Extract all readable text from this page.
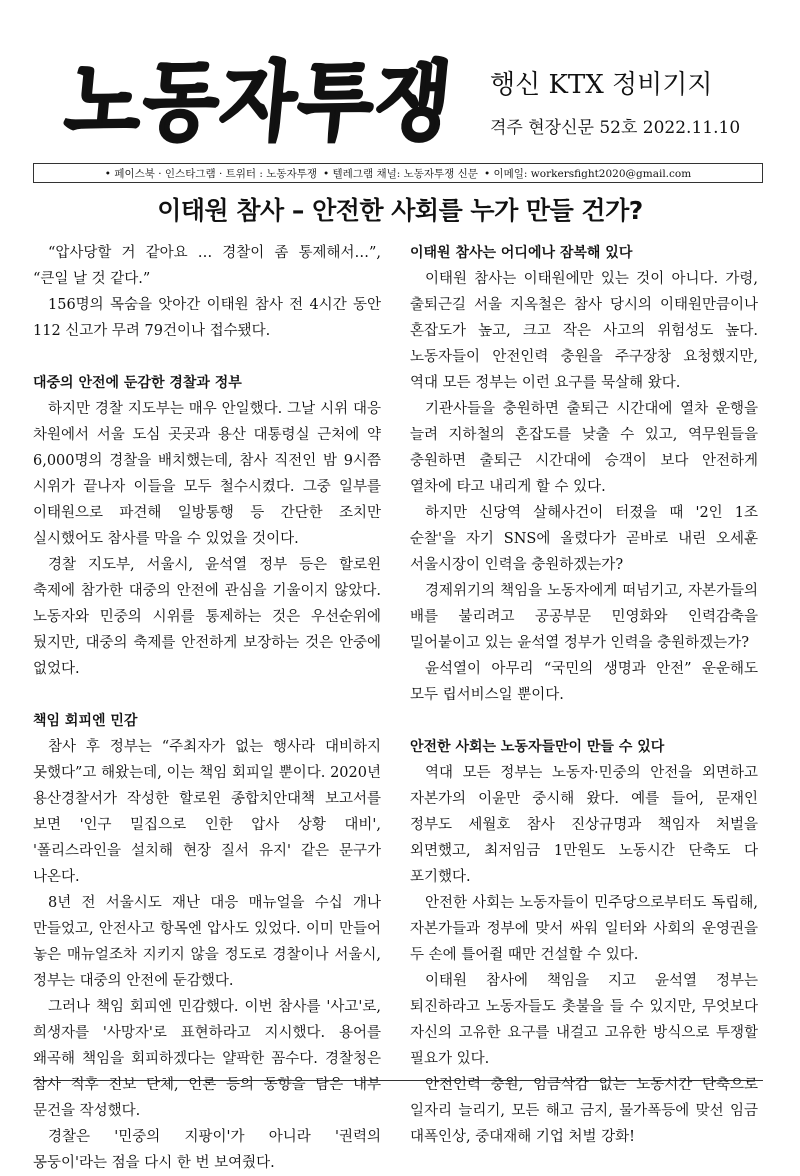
노동자투쟁 행신 KTX 정비기지
격주 현장신문 52호 2022.11.10
• 페이스북 · 인스타그램 · 트위터 : 노동자투쟁 • 텔레그램 채널: 노동자투쟁 신문 • 이메일: workersfight2020@gmail.com
이태원 참사 – 안전한 사회를 누가 만들 건가?

“압사당할 거 같아요 … 경찰이 좀 통제해서…”, “큰일 날 것 같다.”

156명의 목숨을 앗아간 이태원 참사 전 4시간 동안 112 신고가 무려 79건이나 접수됐다.

대중의 안전에 둔감한 경찰과 정부

하지만 경찰 지도부는 매우 안일했다. 그날 시위 대응 차원에서 서울 도심 곳곳과 용산 대통령실 근처에 약 6,000명의 경찰을 배치했는데, 참사 직전인 밤 9시쯤 시위가 끝나자 이들을 모두 철수시켰다. 그중 일부를 이태원으로 파견해 일방통행 등 간단한 조치만 실시했어도 참사를 막을 수 있었을 것이다.

경찰 지도부, 서울시, 윤석열 정부 등은 할로윈 축제에 참가한 대중의 안전에 관심을 기울이지 않았다. 노동자와 민중의 시위를 통제하는 것은 우선순위에 뒀지만, 대중의 축제를 안전하게 보장하는 것은 안중에 없었다.

책임 회피엔 민감

참사 후 정부는 “주최자가 없는 행사라 대비하지 못했다”고 해왔는데, 이는 책임 회피일 뿐이다. 2020년 용산경찰서가 작성한 할로윈 종합치안대책 보고서를 보면 '인구 밀집으로 인한 압사 상황 대비', '폴리스라인을 설치해 현장 질서 유지' 같은 문구가 나온다.

8년 전 서울시도 재난 대응 매뉴얼을 수십 개나 만들었고, 안전사고 항목엔 압사도 있었다. 이미 만들어 놓은 매뉴얼조차 지키지 않을 정도로 경찰이나 서울시, 정부는 대중의 안전에 둔감했다.

그러나 책임 회피엔 민감했다. 이번 참사를 '사고'로, 희생자를 '사망자'로 표현하라고 지시했다. 용어를 왜곡해 책임을 회피하겠다는 얄팍한 꼼수다. 경찰청은 참사 직후 진보 단체, 언론 등의 동향을 담은 내부 문건을 작성했다.

경찰은 '민중의 지팡이'가 아니라 '권력의 몽둥이'라는 점을 다시 한 번 보여줬다.

이태원 참사는 어디에나 잠복해 있다

이태원 참사는 이태원에만 있는 것이 아니다. 가령, 출퇴근길 서울 지옥철은 참사 당시의 이태원만큼이나 혼잡도가 높고, 크고 작은 사고의 위험성도 높다. 노동자들이 안전인력 충원을 주구장창 요청했지만, 역대 모든 정부는 이런 요구를 묵살해 왔다.

기관사들을 충원하면 출퇴근 시간대에 열차 운행을 늘려 지하철의 혼잡도를 낮출 수 있고, 역무원들을 충원하면 출퇴근 시간대에 승객이 보다 안전하게 열차에 타고 내리게 할 수 있다.

하지만 신당역 살해사건이 터졌을 때 '2인 1조 순찰'을 자기 SNS에 올렸다가 곧바로 내린 오세훈 서울시장이 인력을 충원하겠는가?

경제위기의 책임을 노동자에게 떠넘기고, 자본가들의 배를 불리려고 공공부문 민영화와 인력감축을 밀어붙이고 있는 윤석열 정부가 인력을 충원하겠는가?

윤석열이 아무리 “국민의 생명과 안전” 운운해도 모두 립서비스일 뿐이다.

안전한 사회는 노동자들만이 만들 수 있다

역대 모든 정부는 노동자·민중의 안전을 외면하고 자본가의 이윤만 중시해 왔다. 예를 들어, 문재인 정부도 세월호 참사 진상규명과 책임자 처벌을 외면했고, 최저임금 1만원도 노동시간 단축도 다 포기했다.

안전한 사회는 노동자들이 민주당으로부터도 독립해, 자본가들과 정부에 맞서 싸워 일터와 사회의 운영권을 두 손에 틀어쥘 때만 건설할 수 있다.

이태원 참사에 책임을 지고 윤석열 정부는 퇴진하라고 노동자들도 촛불을 들 수 있지만, 무엇보다 자신의 고유한 요구를 내걸고 고유한 방식으로 투쟁할 필요가 있다.

안전인력 충원, 임금삭감 없는 노동시간 단축으로 일자리 늘리기, 모든 해고 금지, 물가폭등에 맞선 임금 대폭인상, 중대재해 기업 처벌 강화!
